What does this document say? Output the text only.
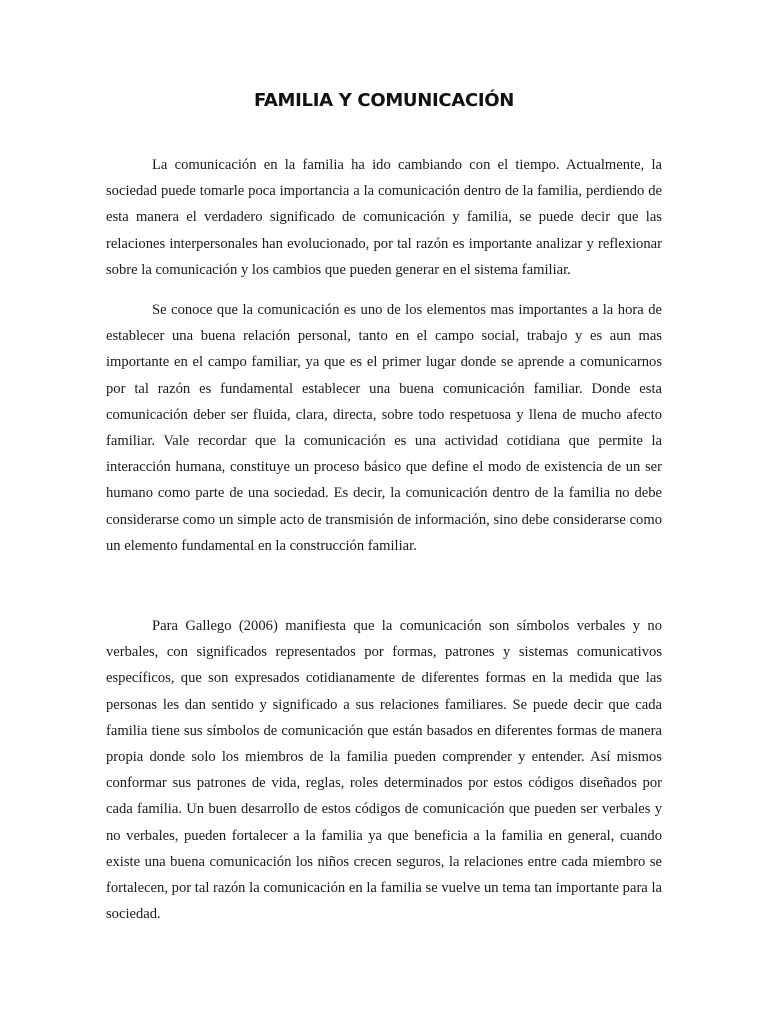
FAMILIA Y COMUNICACIÓN

La comunicación en la familia ha ido cambiando con el tiempo. Actualmente, la sociedad puede tomarle poca importancia a la comunicación dentro de la familia, perdiendo de esta manera el verdadero significado de comunicación y familia, se puede decir que las relaciones interpersonales han evolucionado, por tal razón es importante analizar y reflexionar sobre la comunicación y los cambios que pueden generar en el sistema familiar.

Se conoce que la comunicación es uno de los elementos mas importantes a la hora de establecer una buena relación personal, tanto en el campo social, trabajo y es aun mas importante en el campo familiar, ya que es el primer lugar donde se aprende a comunicarnos por tal razón es fundamental establecer una buena comunicación familiar. Donde esta comunicación deber ser fluida, clara, directa, sobre todo respetuosa y llena de mucho afecto familiar. Vale recordar que la comunicación es una actividad cotidiana que permite la interacción humana, constituye un proceso básico que define el modo de existencia de un ser humano como parte de una sociedad. Es decir, la comunicación dentro de la familia no debe considerarse como un simple acto de transmisión de información, sino debe considerarse como un elemento fundamental en la construcción familiar.

Para Gallego (2006) manifiesta que la comunicación son símbolos verbales y no verbales, con significados representados por formas, patrones y sistemas comunicativos específicos, que son expresados cotidianamente de diferentes formas en la medida que las personas les dan sentido y significado a sus relaciones familiares. Se puede decir que cada familia tiene sus símbolos de comunicación que están basados en diferentes formas de manera propia donde solo los miembros de la familia pueden comprender y entender. Así mismos conformar sus patrones de vida, reglas, roles determinados por estos códigos diseñados por cada familia. Un buen desarrollo de estos códigos de comunicación que pueden ser verbales y no verbales, pueden fortalecer a la familia ya que beneficia a la familia en general, cuando existe una buena comunicación los niños crecen seguros, la relaciones entre cada miembro se fortalecen, por tal razón la comunicación en la familia se vuelve un tema tan importante para la sociedad.
